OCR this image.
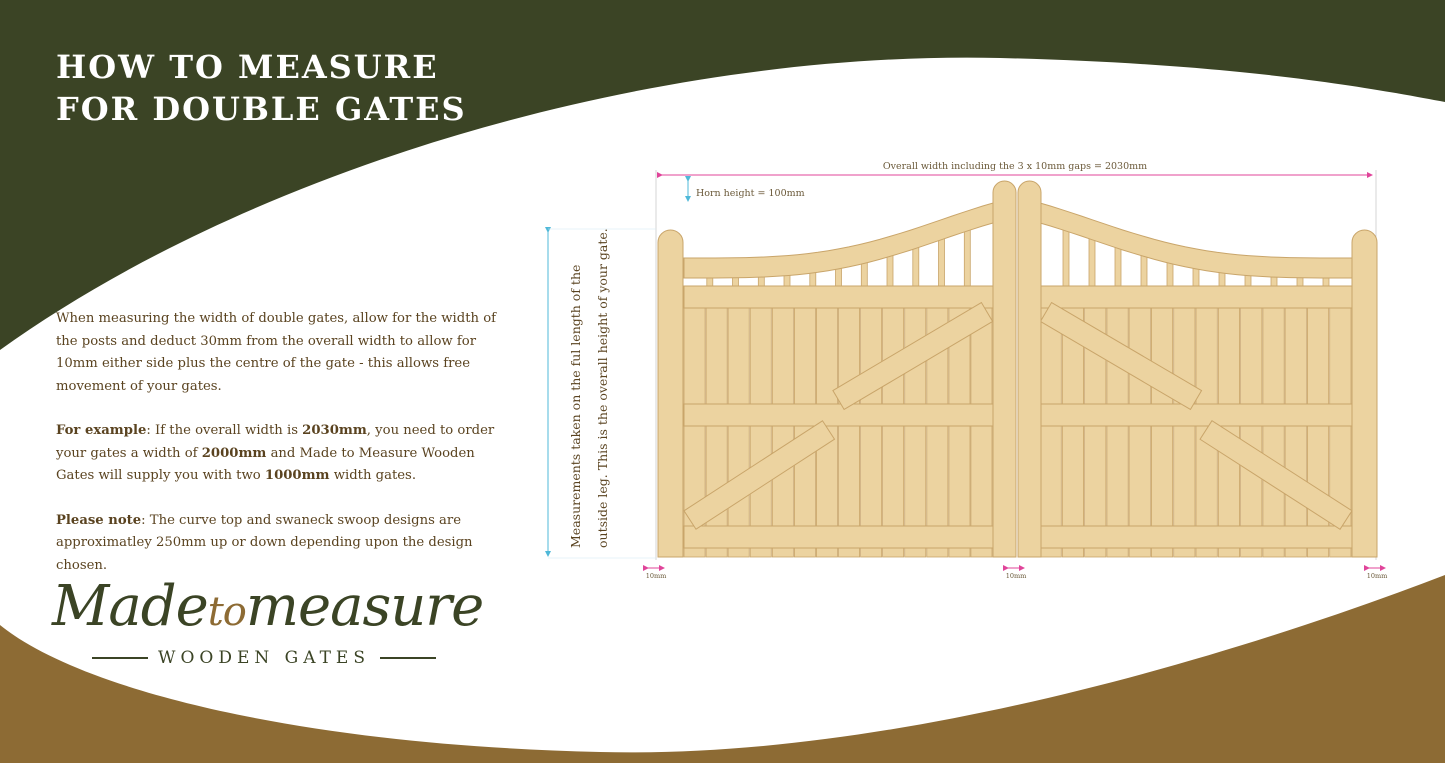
HOW TO MEASURE
FOR DOUBLE GATES

When measuring the width of double gates, allow for the width of the posts and deduct 30mm from the overall width to allow for 10mm either side plus the centre of the gate - this allows free movement of your gates.

For example: If the overall width is 2030mm, you need to order your gates a width of 2000mm and Made to Measure Wooden Gates will supply you with two 1000mm width gates.

Please note: The curve top and swaneck swoop designs are approximatley 250mm up or down depending upon the design chosen.

Madetomeasure
WOODEN GATES
Overall width including the 3 x 10mm gaps = 2030mm
Horn height = 100mm
Measurements taken on the ful length of the outside leg. This is the overall height of your gate.
10mm	10mm	10mm
